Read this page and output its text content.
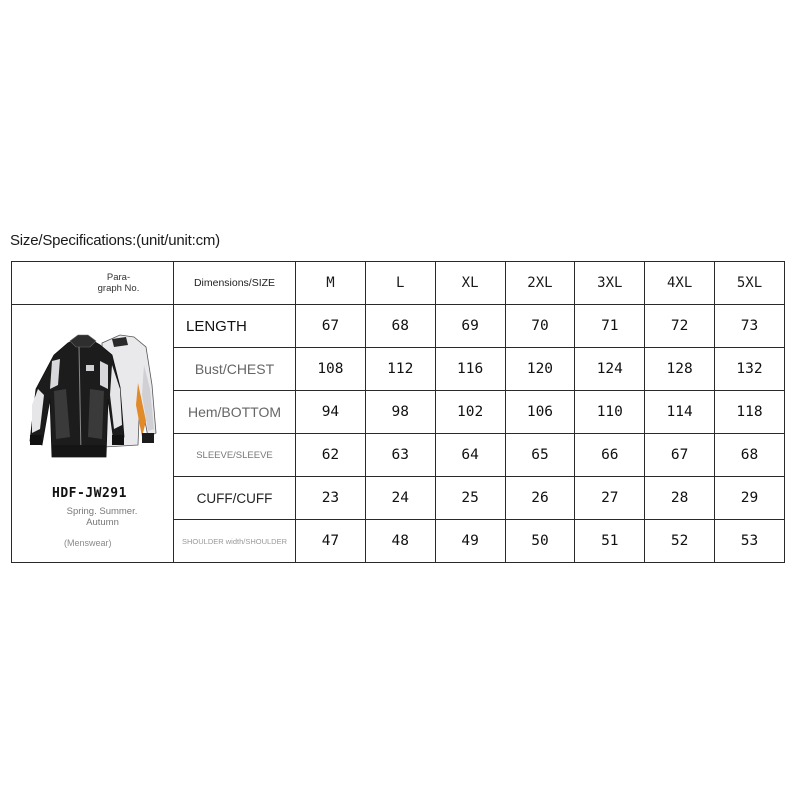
Size/Specifications:(unit/unit:cm)
Para-
graph No.	Dimensions/SIZE	M	L	XL	2XL	3XL	4XL	5XL

HDF-JW291
Spring. Summer.
Autumn
(Menswear)	LENGTH	67	68	69	70	71	72	73
	Bust/CHEST	108	112	116	120	124	128	132
	Hem/BOTTOM	94	98	102	106	110	114	118
	SLEEVE/SLEEVE	62	63	64	65	66	67	68
	CUFF/CUFF	23	24	25	26	27	28	29
	SHOULDER width/SHOULDER	47	48	49	50	51	52	53
